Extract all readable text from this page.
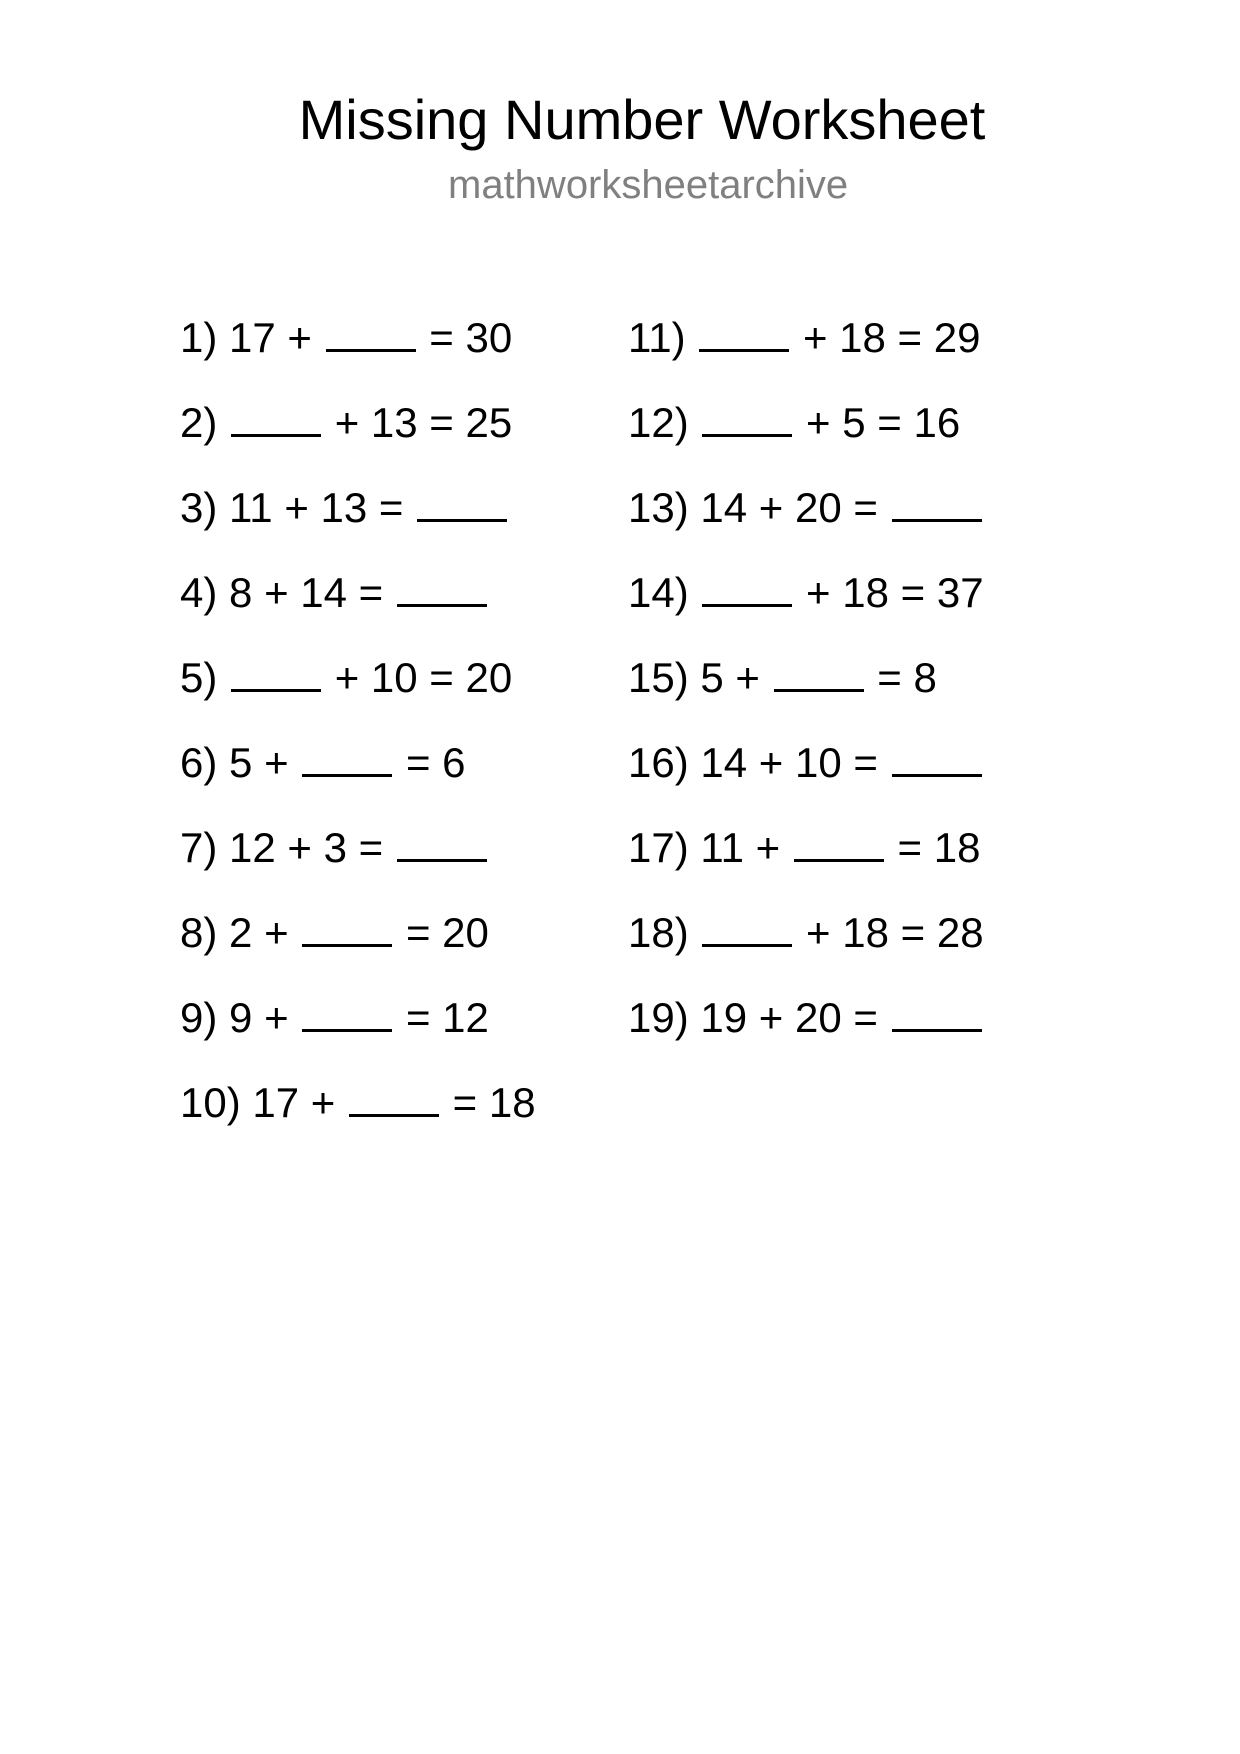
Missing Number Worksheet
mathworksheetarchive
1) 17 +	= 30
2)	+ 13 = 25
3) 11 + 13 =
4) 8 + 14 =
5)	+ 10 = 20
6) 5 +	= 6
7) 12 + 3 =
8) 2 +	= 20
9) 9 +	= 12
10) 17 +	= 18
11)	+ 18 = 29
12)	+ 5 = 16
13) 14 + 20 =
14)	+ 18 = 37
15) 5 +	= 8
16) 14 + 10 =
17) 11 +	= 18
18)	+ 18 = 28
19) 19 + 20 =
